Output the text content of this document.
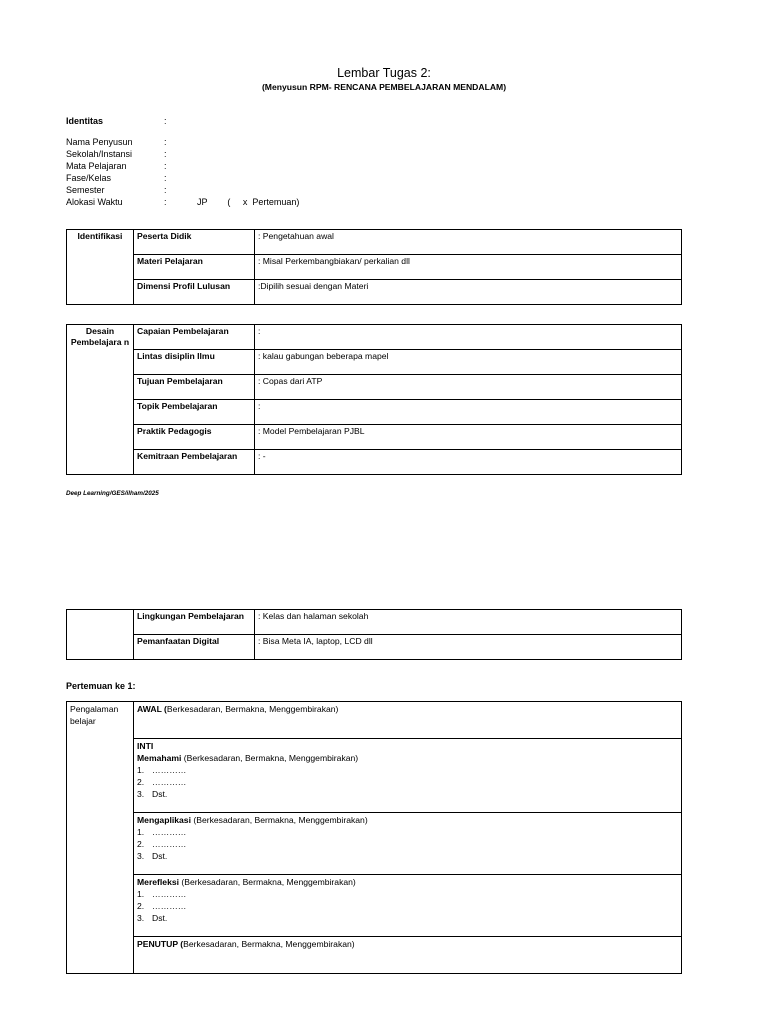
Lembar Tugas 2:
(Menyusun RPM- RENCANA PEMBELAJARAN MENDALAM)
Identitas	:
Nama Penyusun	:
Sekolah/Instansi	:
Mata Pelajaran	:
Fase/Kelas	:
Semester	:
Alokasi Waktu	:	JP        (     x  Pertemuan)
Identifikasi	Peserta Didik	: Pengetahuan awal
	Materi Pelajaran	: Misal Perkembangbiakan/ perkalian dll
	Dimensi Profil Lulusan	:Dipilih sesuai dengan Materi
Desain Pembelajara n	Capaian Pembelajaran	:
	Lintas disiplin Ilmu	: kalau gabungan beberapa mapel
	Tujuan Pembelajaran	: Copas dari ATP
	Topik Pembelajaran	:
	Praktik Pedagogis	: Model Pembelajaran PJBL
	Kemitraan Pembelajaran	: -
Deep Learning/GES/ilham/2025
	Lingkungan Pembelajaran	: Kelas dan halaman sekolah
	Pemanfaatan Digital	: Bisa Meta IA, laptop, LCD dll
Pertemuan ke 1:
Pengalaman belajar	AWAL (Berkesadaran, Bermakna, Menggembirakan)

INTI
Memahami (Berkesadaran, Bermakna, Menggembirakan)
1. …………
2. …………
3. Dst.

Mengaplikasi (Berkesadaran, Bermakna, Menggembirakan)
1. …………
2. …………
3. Dst.

Merefleksi (Berkesadaran, Bermakna, Menggembirakan)
1. …………
2. …………
3. Dst.

PENUTUP (Berkesadaran, Bermakna, Menggembirakan)
